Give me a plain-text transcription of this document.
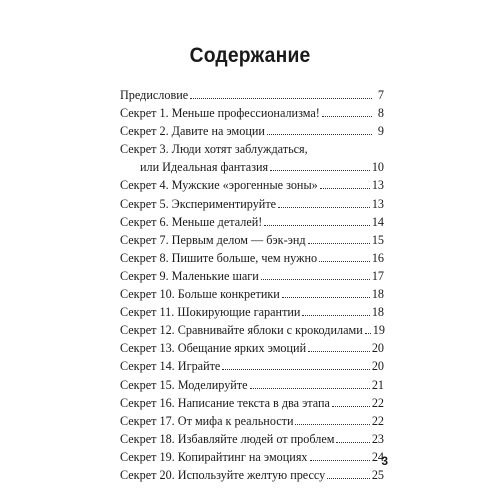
Содержание
Предисловие	7
Секрет 1. Меньше профессионализма!	8
Секрет 2. Давите на эмоции	9
Секрет 3. Люди хотят заблуждаться,
или Идеальная фантазия	10
Секрет 4. Мужские «эрогенные зоны»	13
Секрет 5. Экспериментируйте	13
Секрет 6. Меньше деталей!	14
Секрет 7. Первым делом — бэк-энд	15
Секрет 8. Пишите больше, чем нужно	16
Секрет 9. Маленькие шаги	17
Секрет 10. Больше конкретики	18
Секрет 11. Шокирующие гарантии	18
Секрет 12. Сравнивайте яблоки с крокодилами 19
Секрет 13. Обещание ярких эмоций	20
Секрет 14. Играйте	20
Секрет 15. Моделируйте	21
Секрет 16. Написание текста в два этапа	22
Секрет 17. От мифа к реальности	22
Секрет 18. Избавляйте людей от проблем	23
Секрет 19. Копирайтинг на эмоциях	24
Секрет 20. Используйте желтую прессу	25
3
